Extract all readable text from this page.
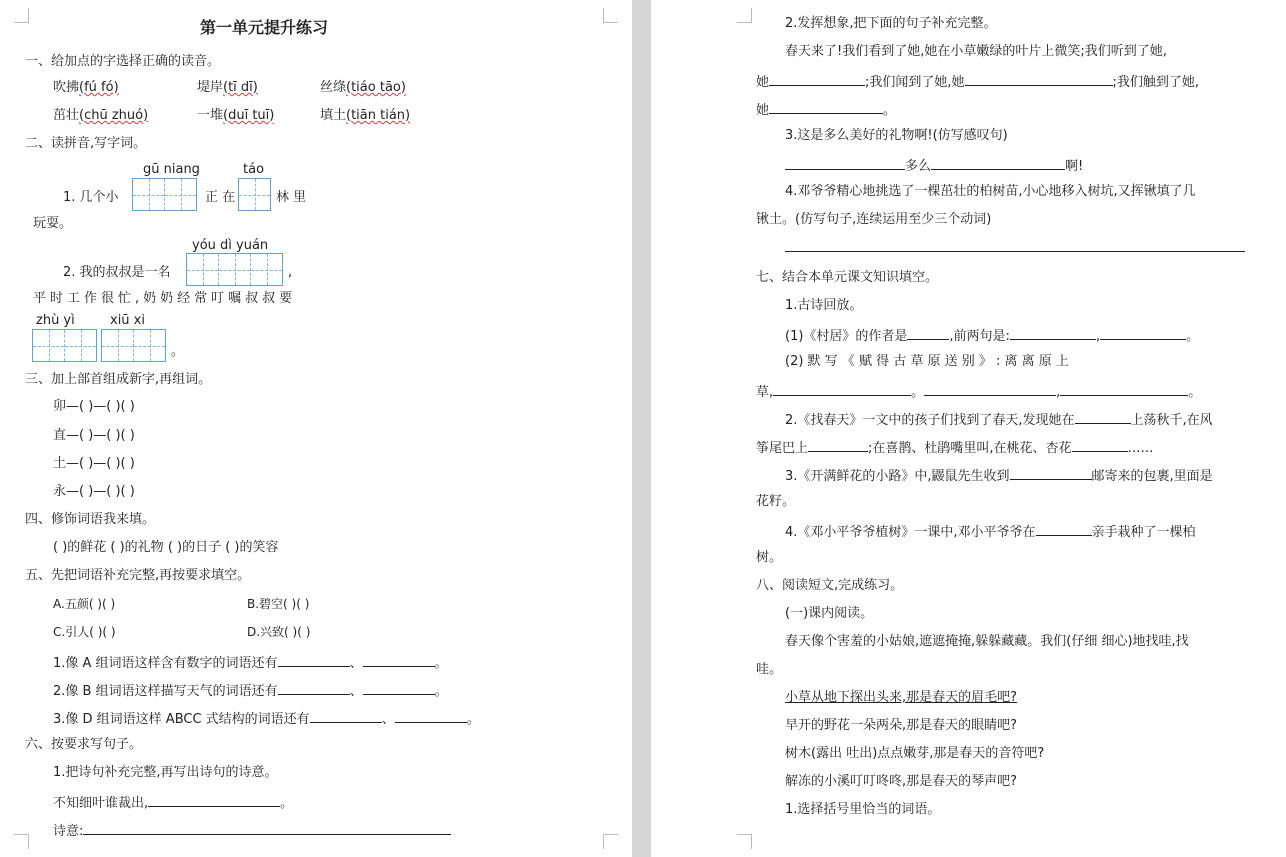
第一单元提升练习
一、给加点的字选择正确的读音。
吹拂(fú fó)	堤岸(tī dī)	丝绦(tiáo tāo)
茁壮(chū zhuó)	一堆(duī tuī)	填土(tiān tián)
二、读拼音,写字词。
gū niang	táo
1. 几个小	正 在	林 里
玩耍。
yóu dì yuán
2. 我的叔叔是一名	,
平时工作很忙,奶奶经常叮嘱叔叔要
zhù yì	xiū xi
。
三、加上部首组成新字,再组词。
卯—( )—( )( )
直—( )—( )( )
土—( )—( )( )
永—( )—( )( )
四、修饰词语我来填。
( )的鲜花 ( )的礼物 ( )的日子 ( )的笑容
五、先把词语补充完整,再按要求填空。
A.五颜( )( )	B.碧空( )( )
C.引人( )( )	D.兴致( )( )
1.像 A 组词语这样含有数字的词语还有	、	。
2.像 B 组词语这样描写天气的词语还有	、	。
3.像 D 组词语这样 ABCC 式结构的词语还有	、	。
六、按要求写句子。
1.把诗句补充完整,再写出诗句的诗意。
不知细叶谁裁出,	。
诗意:
2.发挥想象,把下面的句子补充完整。
春天来了!我们看到了她,她在小草嫩绿的叶片上微笑;我们听到了她,
她	;我们闻到了她,她	;我们触到了她,
她	。
3.这是多么美好的礼物啊!(仿写感叹句)
多么	啊!
4.邓爷爷精心地挑选了一棵茁壮的柏树苗,小心地移入树坑,又挥锹填了几
锹土。(仿写句子,连续运用至少三个动词)
七、结合本单元课文知识填空。
1.古诗回放。
(1)《村居》的作者是	,前两句是:	,	。
(2) 默 写 《 赋 得 古 草 原 送 别 》 : 离 离 原 上
草,	。	,	。
2.《找春天》一文中的孩子们找到了春天,发现她在	上荡秋千,在风
筝尾巴上	;在喜鹊、杜鹃嘴里叫,在桃花、杏花	……
3.《开满鲜花的小路》中,鼹鼠先生收到	邮寄来的包裹,里面是
花籽。
4.《邓小平爷爷植树》一课中,邓小平爷爷在	亲手栽种了一棵柏
树。
八、阅读短文,完成练习。
(一)课内阅读。
春天像个害羞的小姑娘,遮遮掩掩,躲躲藏藏。我们(仔细 细心)地找哇,找
哇。
小草从地下探出头来,那是春天的眉毛吧?
早开的野花一朵两朵,那是春天的眼睛吧?
树木(露出 吐出)点点嫩芽,那是春天的音符吧?
解冻的小溪叮叮咚咚,那是春天的琴声吧?
1.选择括号里恰当的词语。
